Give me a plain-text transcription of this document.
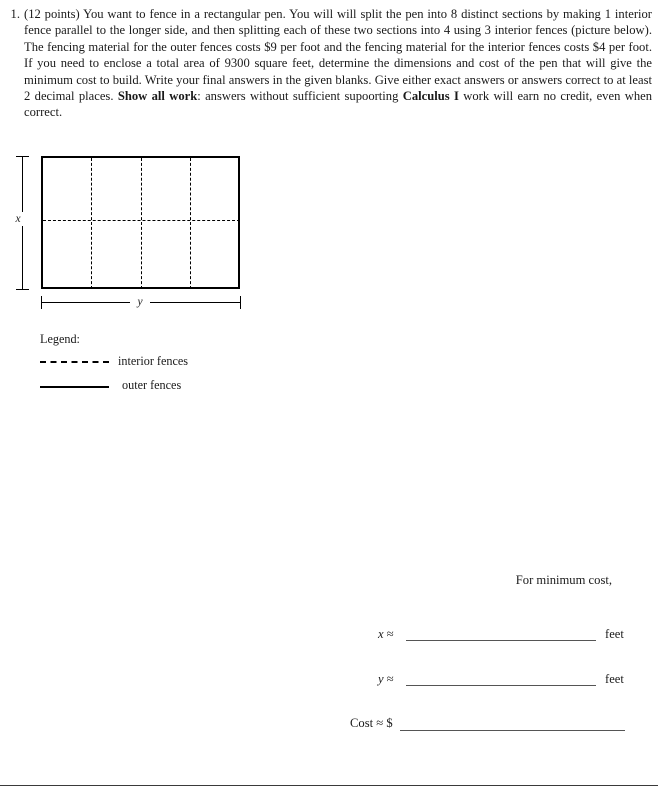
1. (12 points) You want to fence in a rectangular pen. You will will split the pen into 8 distinct sections by making 1 interior fence parallel to the longer side, and then splitting each of these two sections into 4 using 3 interior fences (picture below). The fencing material for the outer fences costs $9 per foot and the fencing material for the interior fences costs $4 per foot. If you need to enclose a total area of 9300 square feet, determine the dimensions and cost of the pen that will give the minimum cost to build. Write your final answers in the given blanks. Give either exact answers or answers correct to at least 2 decimal places. Show all work: answers without sufficient supoorting Calculus I work will earn no credit, even when correct.
x
y
Legend:
interior fences
outer fences
For minimum cost,
x ≈	feet
y ≈	feet
Cost ≈ $
